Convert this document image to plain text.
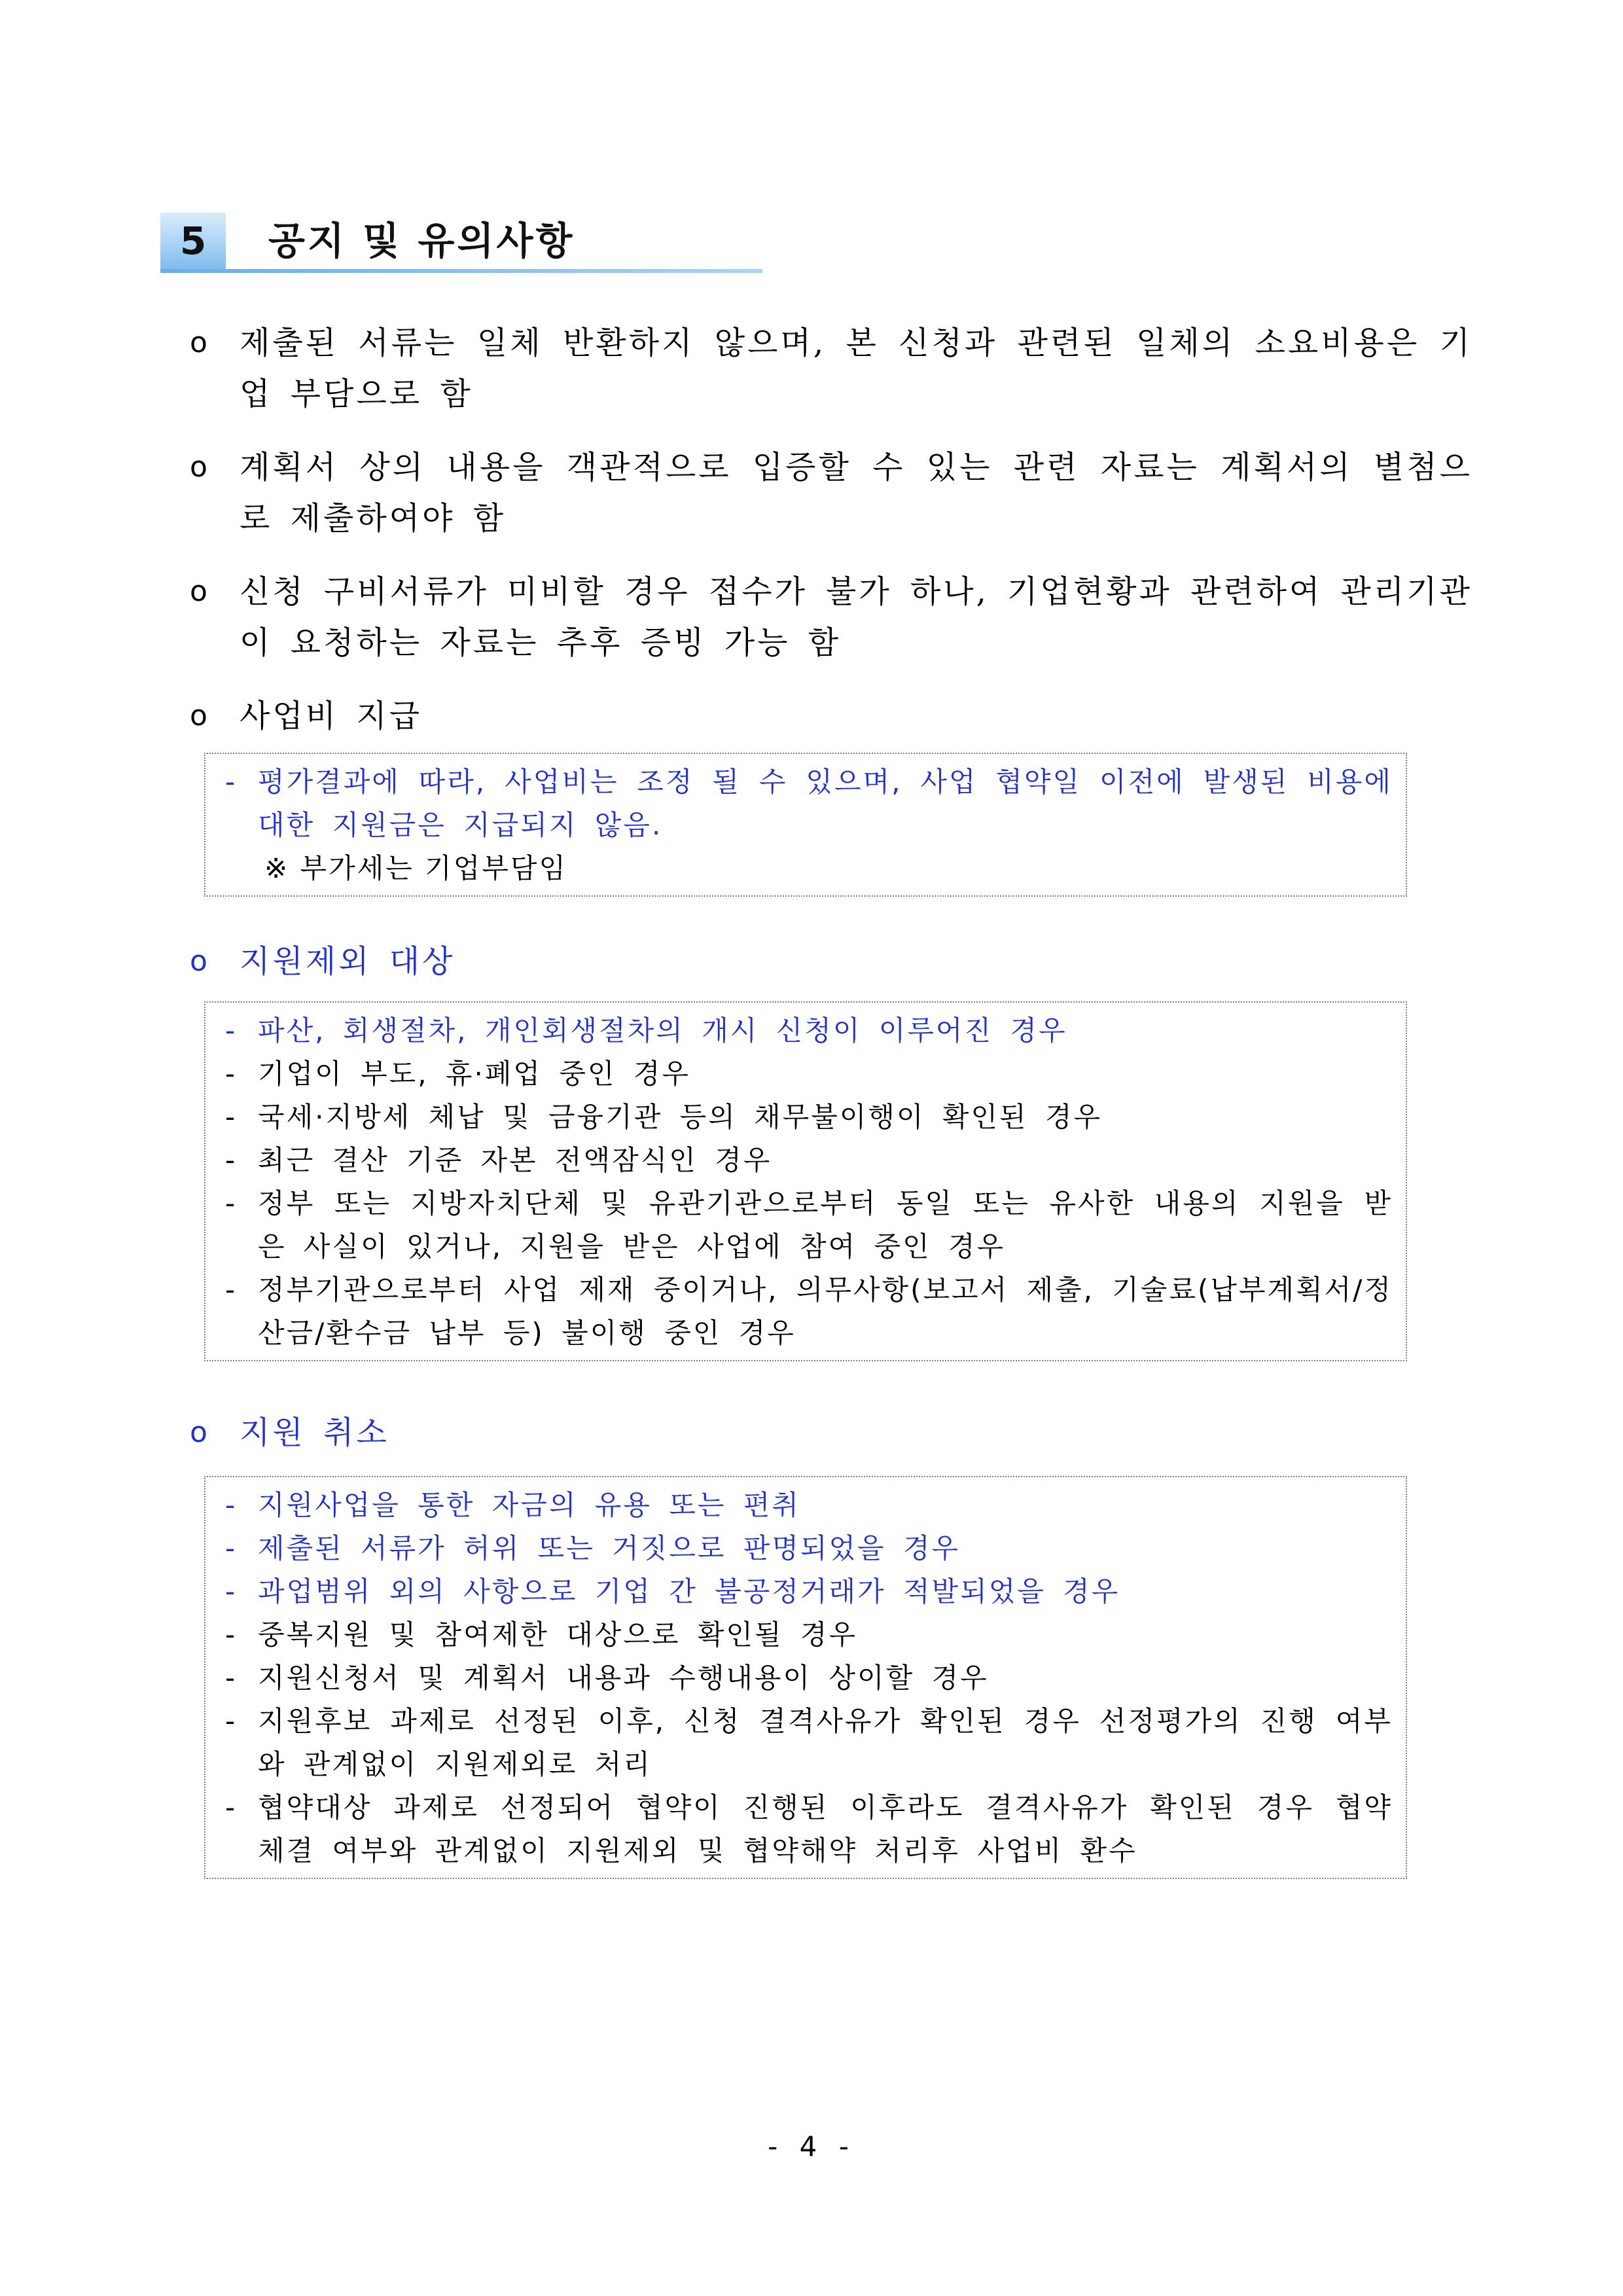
5	공지 및 유의사항
o	제출된 서류는 일체 반환하지 않으며, 본 신청과 관련된 일체의 소요비용은 기업 부담으로 함
o	계획서 상의 내용을 객관적으로 입증할 수 있는 관련 자료는 계획서의 별첨으로 제출하여야 함
o	신청 구비서류가 미비할 경우 접수가 불가 하나, 기업현황과 관련하여 관리기관이 요청하는 자료는 추후 증빙 가능 함
o	사업비 지급
- 평가결과에 따라, 사업비는 조정 될 수 있으며, 사업 협약일 이전에 발생된 비용에 대한 지원금은 지급되지 않음.
※ 부가세는 기업부담임
o	지원제외 대상
- 파산, 회생절차, 개인회생절차의 개시 신청이 이루어진 경우
- 기업이 부도, 휴·폐업 중인 경우
- 국세·지방세 체납 및 금융기관 등의 채무불이행이 확인된 경우
- 최근 결산 기준 자본 전액잠식인 경우
- 정부 또는 지방자치단체 및 유관기관으로부터 동일 또는 유사한 내용의 지원을 받은 사실이 있거나, 지원을 받은 사업에 참여 중인 경우
- 정부기관으로부터 사업 제재 중이거나, 의무사항(보고서 제출, 기술료(납부계획서/정산금/환수금 납부 등) 불이행 중인 경우
o	지원 취소
- 지원사업을 통한 자금의 유용 또는 편취
- 제출된 서류가 허위 또는 거짓으로 판명되었을 경우
- 과업범위 외의 사항으로 기업 간 불공정거래가 적발되었을 경우
- 중복지원 및 참여제한 대상으로 확인될 경우
- 지원신청서 및 계획서 내용과 수행내용이 상이할 경우
- 지원후보 과제로 선정된 이후, 신청 결격사유가 확인된 경우 선정평가의 진행 여부와 관계없이 지원제외로 처리
- 협약대상 과제로 선정되어 협약이 진행된 이후라도 결격사유가 확인된 경우 협약 체결 여부와 관계없이 지원제외 및 협약해약 처리후 사업비 환수
- 4 -
